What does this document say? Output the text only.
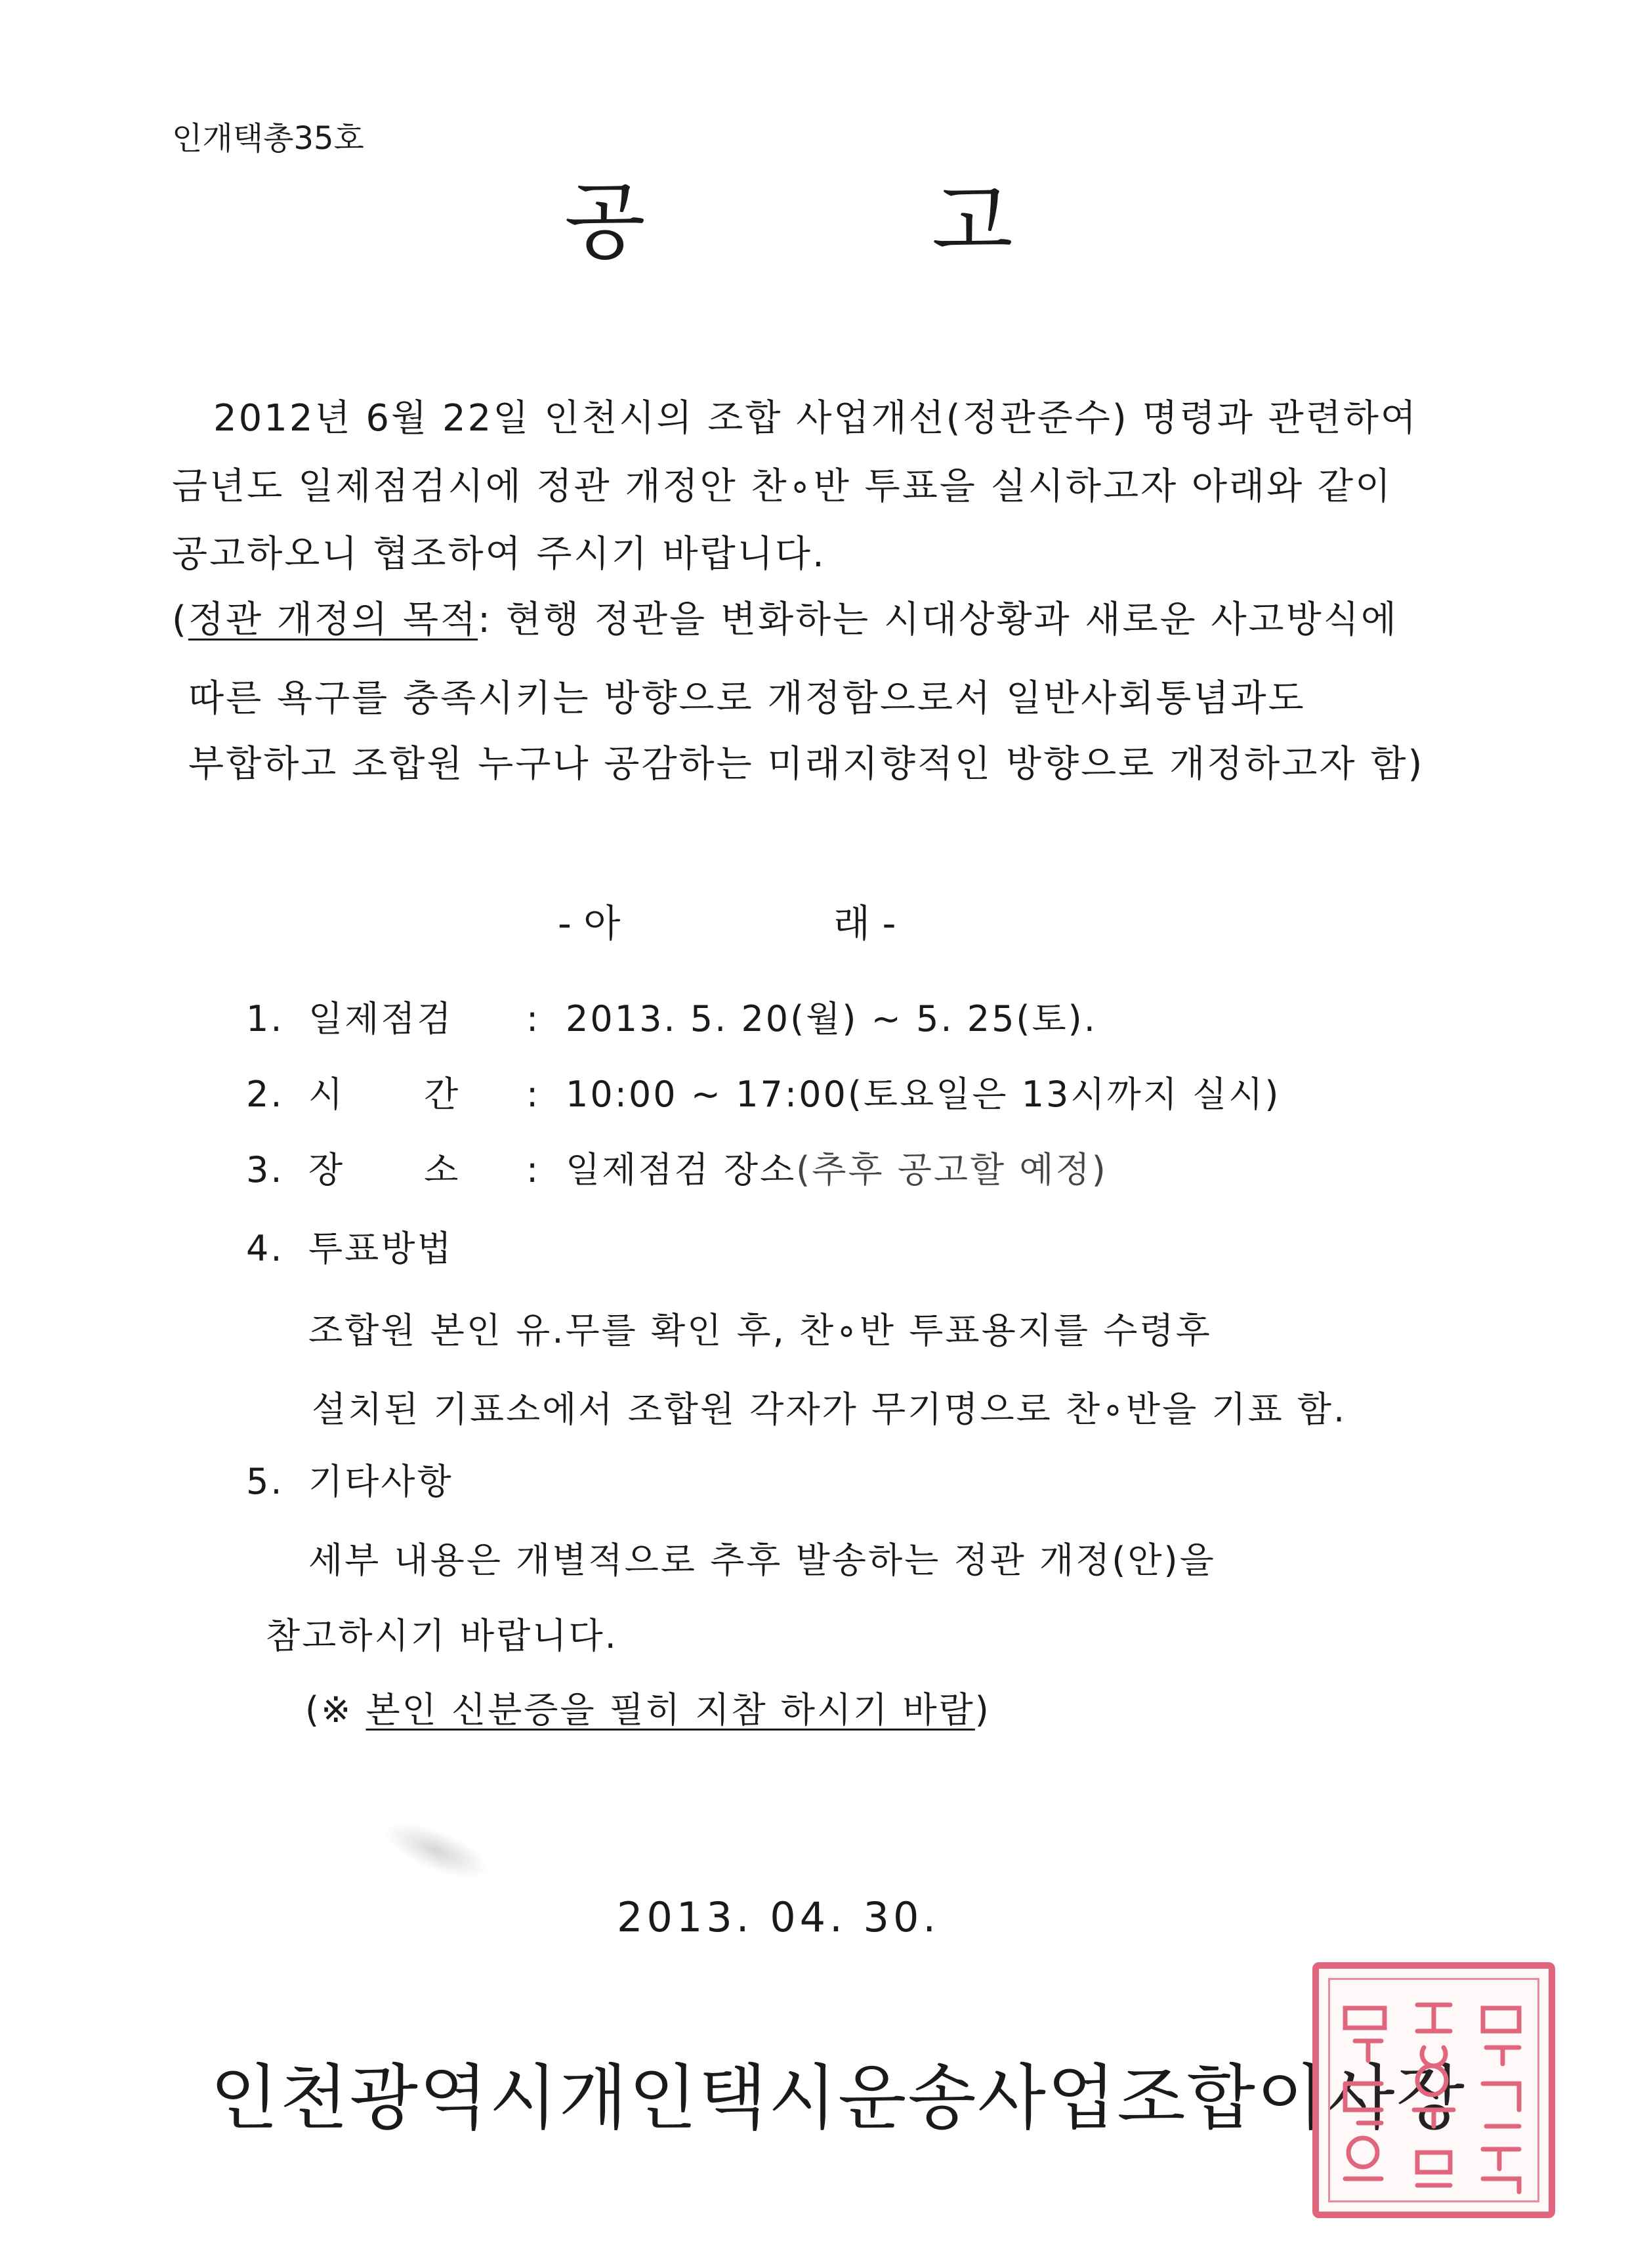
인개택총35호
공	고
2012년 6월 22일 인천시의 조합 사업개선(정관준수) 명령과 관련하여
금년도 일제점검시에 정관 개정안 찬∘반 투표을 실시하고자 아래와 같이
공고하오니 협조하여 주시기 바랍니다.
(정관 개정의 목적: 현행 정관을 변화하는 시대상황과 새로운 사고방식에
따른 욕구를 충족시키는 방향으로 개정함으로서 일반사회통념과도
부합하고 조합원 누구나 공감하는 미래지향적인 방향으로 개정하고자 함)
- 아	래 -
1. 일제점검 : 2013. 5. 20(월) ~ 5. 25(토).
2. 시      간 : 10:00 ~ 17:00(토요일은 13시까지 실시)
3. 장      소 : 일제점검 장소(추후 공고할 예정)
4. 투표방법
조합원 본인 유.무를 확인 후, 찬∘반 투표용지를 수령후
설치된 기표소에서 조합원 각자가 무기명으로 찬∘반을 기표 함.
5. 기타사항
세부 내용은 개별적으로 추후 발송하는 정관 개정(안)을
참고하시기 바랍니다.
(※ 본인 신분증을 필히 지참 하시기 바람)
2013. 04. 30.
인천광역시개인택시운송사업조합이사장
